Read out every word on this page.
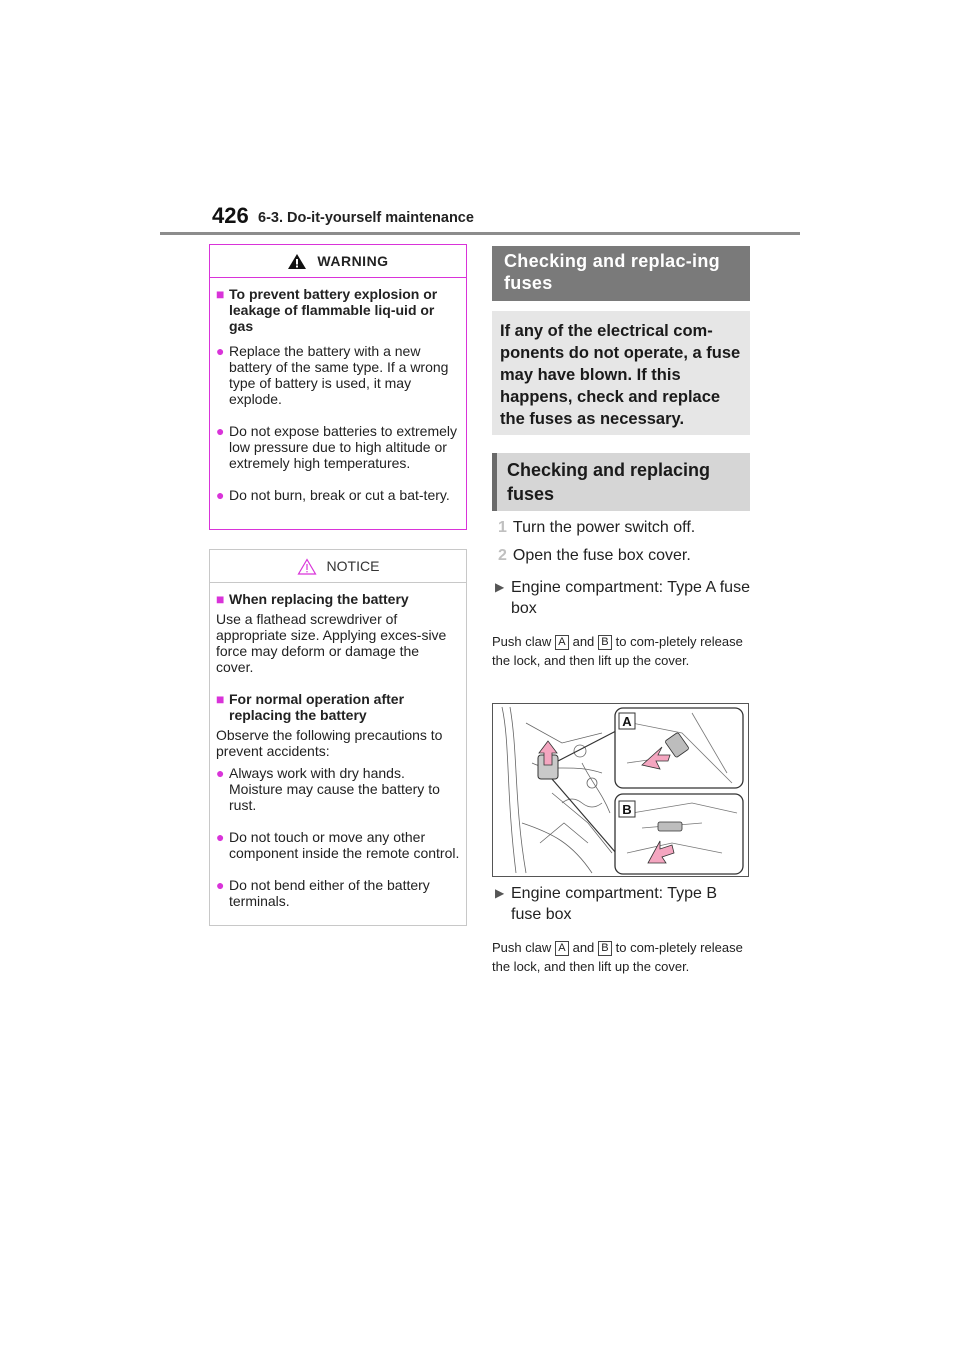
426 6-3. Do-it-yourself maintenance
WARNING
■ To prevent battery explosion or leakage of flammable liq-uid or gas
● Replace the battery with a new battery of the same type. If a wrong type of battery is used, it may explode.
● Do not expose batteries to extremely low pressure due to high altitude or extremely high temperatures.
● Do not burn, break or cut a bat-tery.
NOTICE
■ When replacing the battery
Use a flathead screwdriver of appropriate size. Applying exces-sive force may deform or damage the cover.
■ For normal operation after replacing the battery
Observe the following precautions to prevent accidents:
● Always work with dry hands. Moisture may cause the battery to rust.
● Do not touch or move any other component inside the remote control.
● Do not bend either of the battery terminals.
Checking and replac-ing fuses
If any of the electrical com-ponents do not operate, a fuse may have blown. If this happens, check and replace the fuses as necessary.
Checking and replacing fuses
1 Turn the power switch off.
2 Open the fuse box cover.
▶ Engine compartment: Type A fuse box
Push claw A and B to com-pletely release the lock, and then lift up the cover.
A
B
▶ Engine compartment: Type B fuse box
Push claw A and B to com-pletely release the lock, and then lift up the cover.
